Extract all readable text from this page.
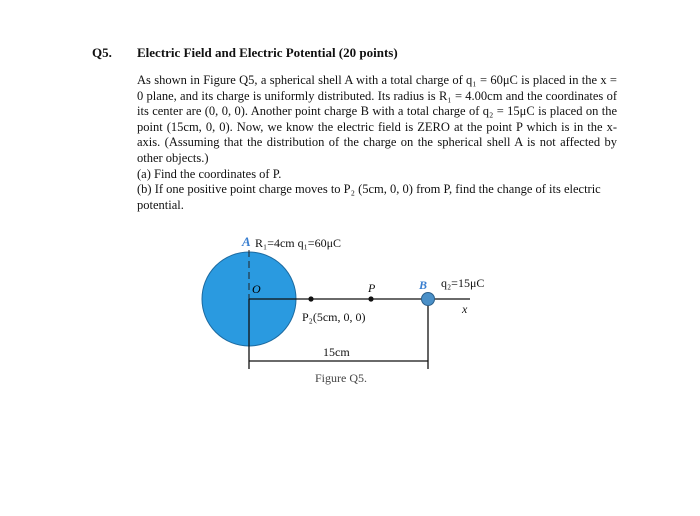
Q5. Electric Field and Electric Potential (20 points)

As shown in Figure Q5, a spherical shell A with a total charge of q₁ = 60μC is placed in the x = 0 plane, and its charge is uniformly distributed. Its radius is R₁ = 4.00cm and the coordinates of its center are (0, 0, 0). Another point charge B with a total charge of q₂ = 15μC is placed on the point (15cm, 0, 0). Now, we know the electric field is ZERO at the point P which is in the x-axis. (Assuming that the distribution of the charge on the spherical shell A is not affected by other objects.)

(a) Find the coordinates of P.

(b) If one positive point charge moves to P₂ (5cm, 0, 0) from P, find the change of its electric potential.

A R₁=4cm q₁=60μC
O	P	B q₂=15μC
x
P₂(5cm, 0, 0)
15cm
Figure Q5.
